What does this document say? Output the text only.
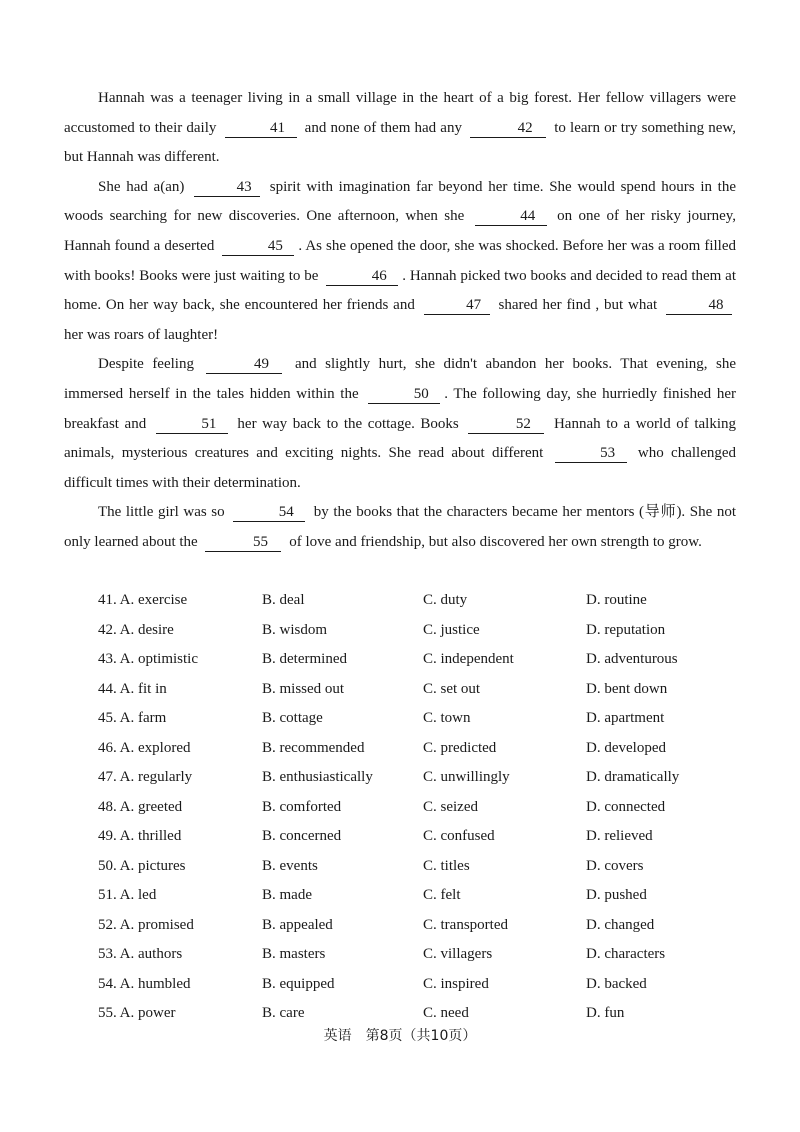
Hannah was a teenager living in a small village in the heart of a big forest. Her fellow villagers were accustomed to their daily	41 and none of them had any	42 to learn or try something new, but Hannah was different.

She had a(an)	43 spirit with imagination far beyond her time. She would spend hours in the woods searching for new discoveries. One afternoon, when she	44 on one of her risky journey, Hannah found a deserted	45 . As she opened the door, she was shocked. Before her was a room filled with books! Books were just waiting to be	46 . Hannah picked two books and decided to read them at home. On her way back, she encountered her friends and	47 shared her find , but what	48 her was roars of laughter!

Despite feeling	49 and slightly hurt, she didn't abandon her books. That evening, she immersed herself in the tales hidden within the	50 . The following day, she hurriedly finished her breakfast and	51 her way back to the cottage. Books	52 Hannah to a world of talking animals, mysterious creatures and exciting nights. She read about different	53 who challenged difficult times with their determination.

The little girl was so	54 by the books that the characters became her mentors (导师). She not only learned about the	55 of love and friendship, but also discovered her own strength to grow.

41. A. exercise	B. deal	C. duty	D. routine
42. A. desire	B. wisdom	C. justice	D. reputation
43. A. optimistic	B. determined	C. independent	D. adventurous
44. A. fit in	B. missed out	C. set out	D. bent down
45. A. farm	B. cottage	C. town	D. apartment
46. A. explored	B. recommended	C. predicted	D. developed
47. A. regularly	B. enthusiastically	C. unwillingly	D. dramatically
48. A. greeted	B. comforted	C. seized	D. connected
49. A. thrilled	B. concerned	C. confused	D. relieved
50. A. pictures	B. events	C. titles	D. covers
51. A. led	B. made	C. felt	D. pushed
52. A. promised	B. appealed	C. transported	D. changed
53. A. authors	B. masters	C. villagers	D. characters
54. A. humbled	B. equipped	C. inspired	D. backed
55. A. power	B. care	C. need	D. fun
英语　第8页（共10页）
